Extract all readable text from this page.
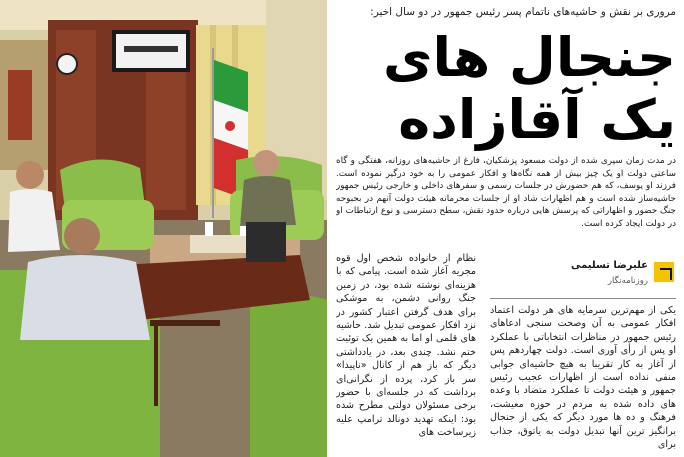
مروری بر نقش و حاشیه‌های ناتمام پسر رئیس جمهور در دو سال اخیر:
جنجال های
یک آقازاده
در مدت زمان سپری شده از دولت مسعود پزشکیان، فارغ از حاشیه‌های روزانه، هفتگی و گاه ساعتی دولت او یک چیز بیش از همه نگاه‌ها و افکار عمومی را به خود درگیر نموده است. فرزند او یوسف، که هم حضورش در جلسات رسمی و سفرهای داخلی و خارجی رئیس جمهور حاشیه‌ساز شده است و هم اظهارات شاد او از جلسات محرمانه هیئت دولت آنهم در بحبوحه جنگ حضور و اظهاراتی که پرسش هایی درباره حدود نقش، سطح دسترسی و نوع ارتباطات او در دولت ایجاد کرده است.
علیرضا تسلیمی
روزنامه‌نگار
یکی از مهم‌ترین سرمایه های هر دولت اعتماد افکار عمومی به آن وصحت سنجی ادعاهای رئیس جمهور در مناظرات انتخاباتی با عملکرد او پس از رأی آوری است. دولت چهاردهم پس از آغاز به کار تقریبا به هیچ حاشیه‌ای جوابی منفی نداده است از اظهارات عجیب رئیس جمهور و هیئت دولت تا عملکرد متضاد با وعده های داده شده به مردم در حوزه معیشت، فرهنگ و ده ها مورد دیگر که یکی از جنجال برانگیز ترین آنها تبدیل دولت به یاتوق، جذاب برای
نظام از خانواده شخص اول قوه مجریه آغاز شده است. پیامی که با هزینه‌ای نوشته شده بود، در زمین جنگ روانی دشمن، به موشکی برای هدف گرفتن اعتبار کشور در نزد افکار عمومی تبدیل شد. حاشیه های قلمی او اما به همین یک توئیت ختم نشد. چندی بعد، در یادداشتی دیگر که باز هم از کانال «ناپیدا» سر باز کرد، پرده از نگرانی‌ای برداشت که در جلسه‌ای با حضور برخی مسئولان دولتی مطرح شده بود: اینکه تهدید دونالد ترامپ علیه زیرساخت های
